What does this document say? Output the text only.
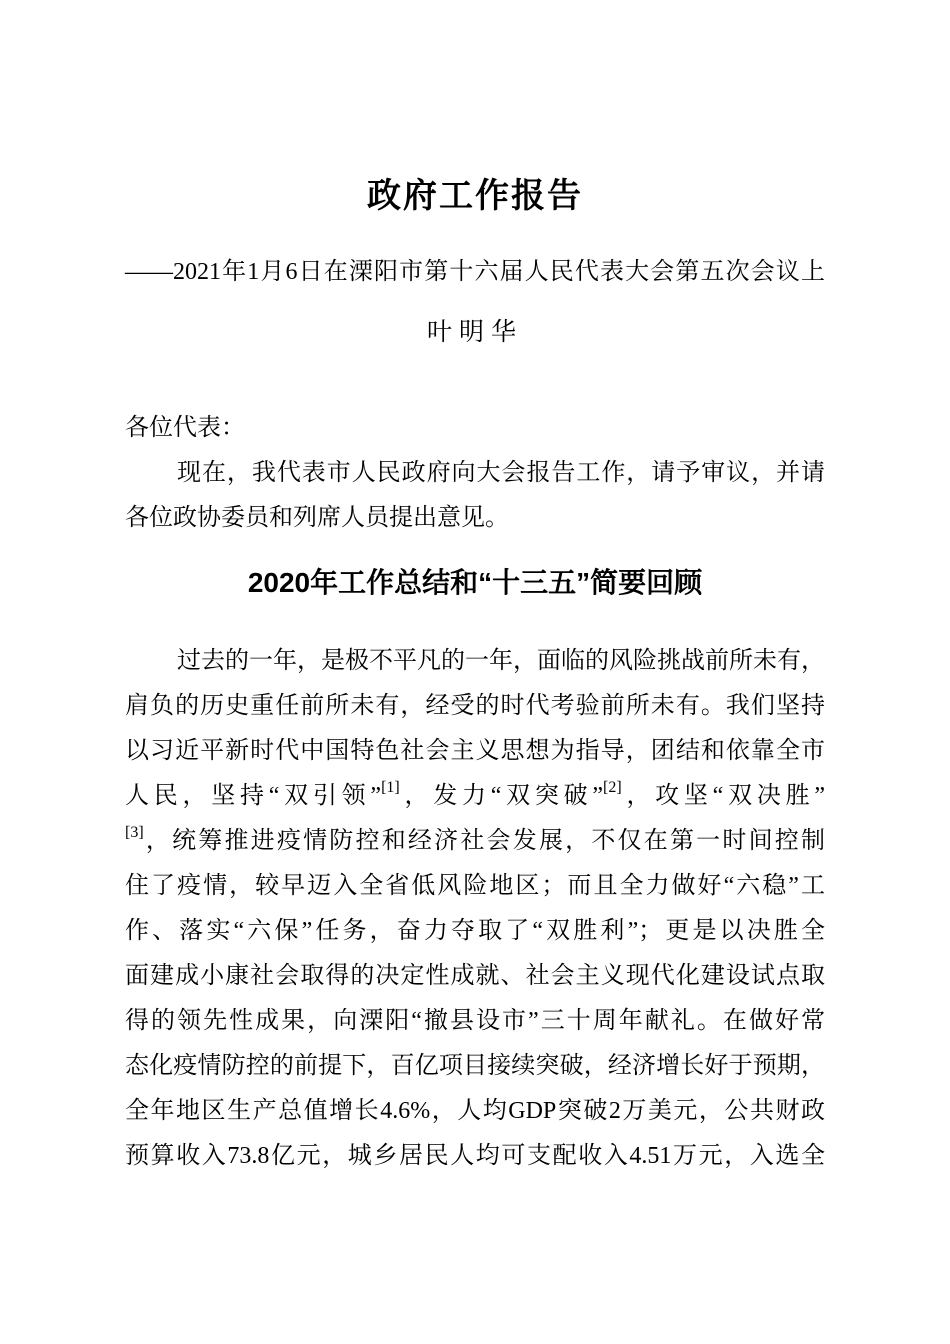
政府工作报告
——2021年1月6日在溧阳市第十六届人民代表大会第五次会议上
叶明华
各位代表：
现在，我代表市人民政府向大会报告工作，请予审议，并请
各位政协委员和列席人员提出意见。
2020年工作总结和“十三五”简要回顾
过去的一年，是极不平凡的一年，面临的风险挑战前所未有，
肩负的历史重任前所未有，经受的时代考验前所未有。我们坚持
以习近平新时代中国特色社会主义思想为指导，团结和依靠全市
人民，坚持“双引领”[1]，发力“双突破”[2]，攻坚“双决胜”
[3]，统筹推进疫情防控和经济社会发展，不仅在第一时间控制
住了疫情，较早迈入全省低风险地区；而且全力做好“六稳”工
作、落实“六保”任务，奋力夺取了“双胜利”；更是以决胜全
面建成小康社会取得的决定性成就、社会主义现代化建设试点取
得的领先性成果，向溧阳“撤县设市”三十周年献礼。在做好常
态化疫情防控的前提下，百亿项目接续突破，经济增长好于预期，
全年地区生产总值增长4.6%，人均GDP突破2万美元，公共财政
预算收入73.8亿元，城乡居民人均可支配收入4.51万元，入选全
